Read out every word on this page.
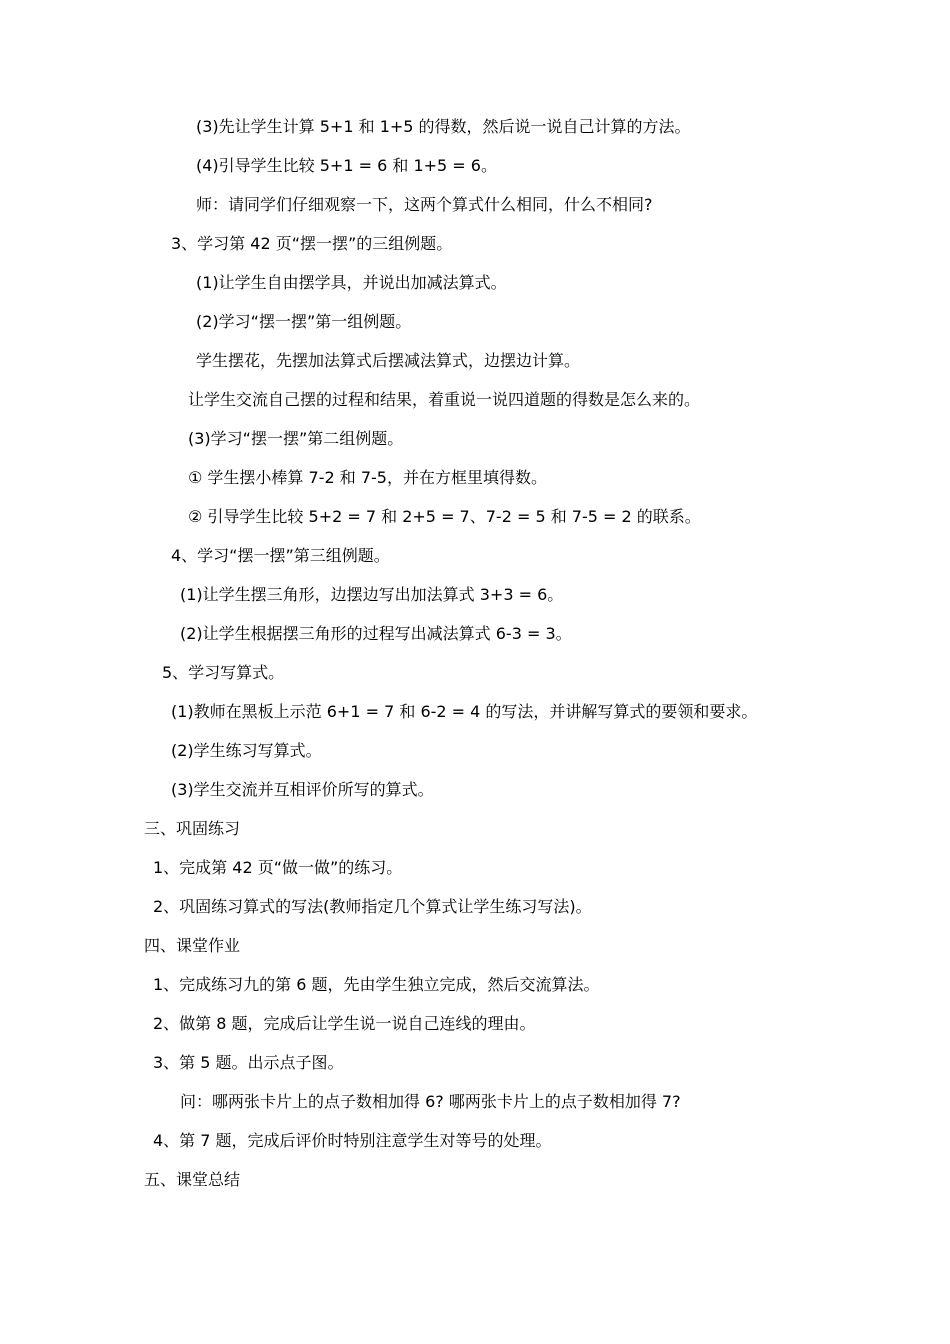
(3)先让学生计算 5+1 和 1+5 的得数，然后说一说自己计算的方法。
(4)引导学生比较 5+1 = 6 和 1+5 = 6。
师：请同学们仔细观察一下，这两个算式什么相同，什么不相同?
3、学习第 42 页“摆一摆”的三组例题。
(1)让学生自由摆学具，并说出加减法算式。
(2)学习“摆一摆”第一组例题。
学生摆花，先摆加法算式后摆减法算式，边摆边计算。
让学生交流自己摆的过程和结果，着重说一说四道题的得数是怎么来的。
(3)学习“摆一摆”第二组例题。
① 学生摆小棒算 7-2 和 7-5，并在方框里填得数。
② 引导学生比较 5+2 = 7 和 2+5 = 7、7-2 = 5 和 7-5 = 2 的联系。
4、学习“摆一摆”第三组例题。
(1)让学生摆三角形，边摆边写出加法算式 3+3 = 6。
(2)让学生根据摆三角形的过程写出减法算式 6-3 = 3。
5、学习写算式。
(1)教师在黑板上示范 6+1 = 7 和 6-2 = 4 的写法，并讲解写算式的要领和要求。
(2)学生练习写算式。
(3)学生交流并互相评价所写的算式。
三、巩固练习
1、完成第 42 页“做一做”的练习。
2、巩固练习算式的写法(教师指定几个算式让学生练习写法)。
四、课堂作业
1、完成练习九的第 6 题，先由学生独立完成，然后交流算法。
2、做第 8 题，完成后让学生说一说自己连线的理由。
3、第 5 题。出示点子图。
问：哪两张卡片上的点子数相加得 6? 哪两张卡片上的点子数相加得 7?
4、第 7 题，完成后评价时特别注意学生对等号的处理。
五、课堂总结
